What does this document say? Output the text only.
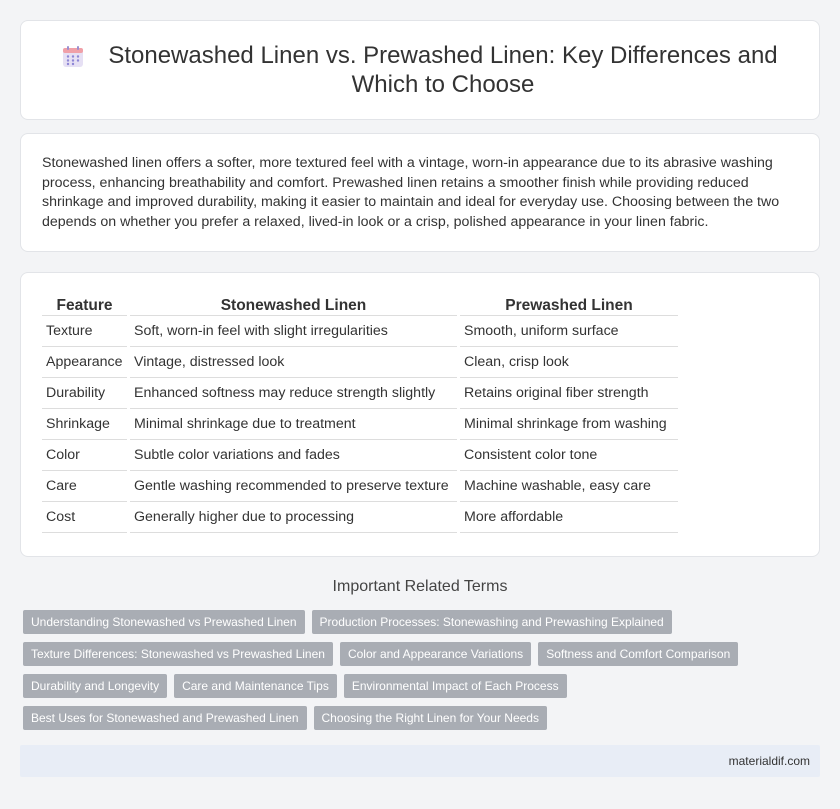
Stonewashed Linen vs. Prewashed Linen: Key Differences and Which to Choose

Stonewashed linen offers a softer, more textured feel with a vintage, worn-in appearance due to its abrasive washing process, enhancing breathability and comfort. Prewashed linen retains a smoother finish while providing reduced shrinkage and improved durability, making it easier to maintain and ideal for everyday use. Choosing between the two depends on whether you prefer a relaxed, lived-in look or a crisp, polished appearance in your linen fabric.

Feature	Stonewashed Linen	Prewashed Linen
Texture	Soft, worn-in feel with slight irregularities	Smooth, uniform surface
Appearance	Vintage, distressed look	Clean, crisp look
Durability	Enhanced softness may reduce strength slightly	Retains original fiber strength
Shrinkage	Minimal shrinkage due to treatment	Minimal shrinkage from washing
Color	Subtle color variations and fades	Consistent color tone
Care	Gentle washing recommended to preserve texture	Machine washable, easy care
Cost	Generally higher due to processing	More affordable
Important Related Terms
Understanding Stonewashed vs Prewashed Linen	Production Processes: Stonewashing and Prewashing Explained
Texture Differences: Stonewashed vs Prewashed Linen	Color and Appearance Variations	Softness and Comfort Comparison
Durability and Longevity	Care and Maintenance Tips	Environmental Impact of Each Process
Best Uses for Stonewashed and Prewashed Linen	Choosing the Right Linen for Your Needs
materialdif.com
